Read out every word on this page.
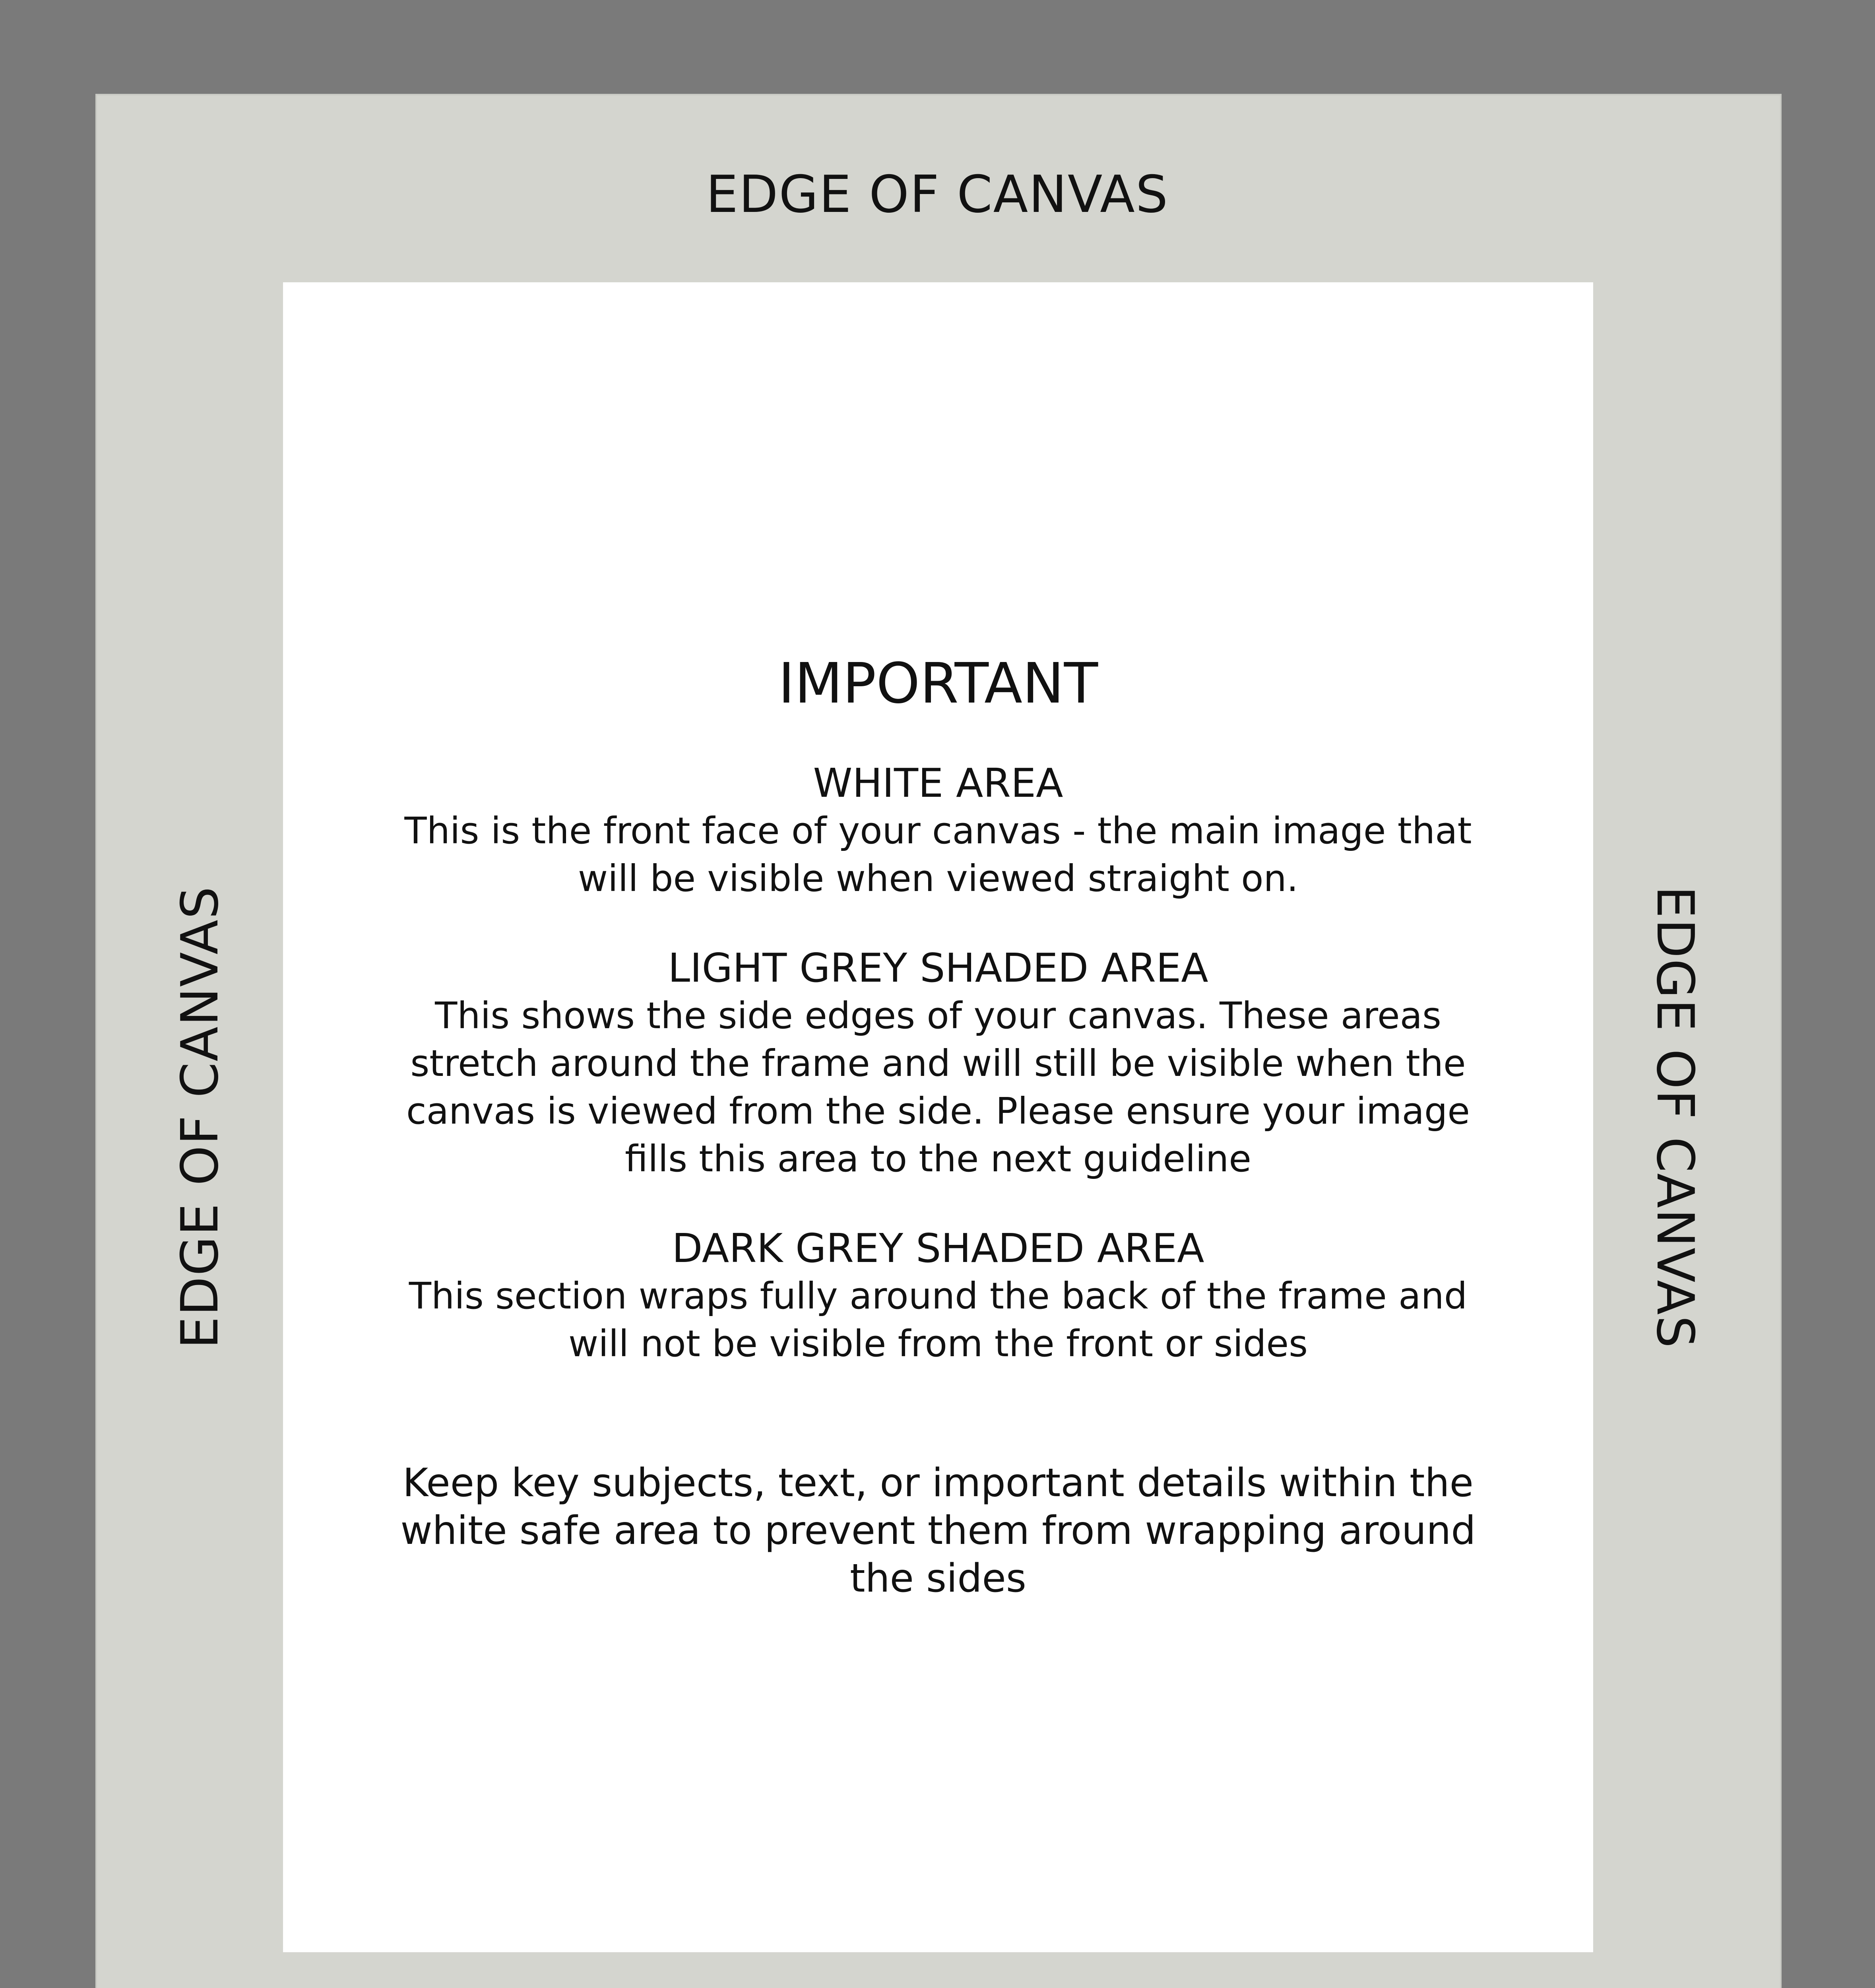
EDGE OF CANVAS
EDGE OF CANVAS	EDGE OF CANVAS
IMPORTANT
WHITE AREA
This is the front face of your canvas - the main image that will be visible when viewed straight on.
LIGHT GREY SHADED AREA
This shows the side edges of your canvas. These areas stretch around the frame and will still be visible when the canvas is viewed from the side. Please ensure your image fills this area to the next guideline
DARK GREY SHADED AREA
This section wraps fully around the back of the frame and will not be visible from the front or sides
Keep key subjects, text, or important details within the white safe area to prevent them from wrapping around the sides
